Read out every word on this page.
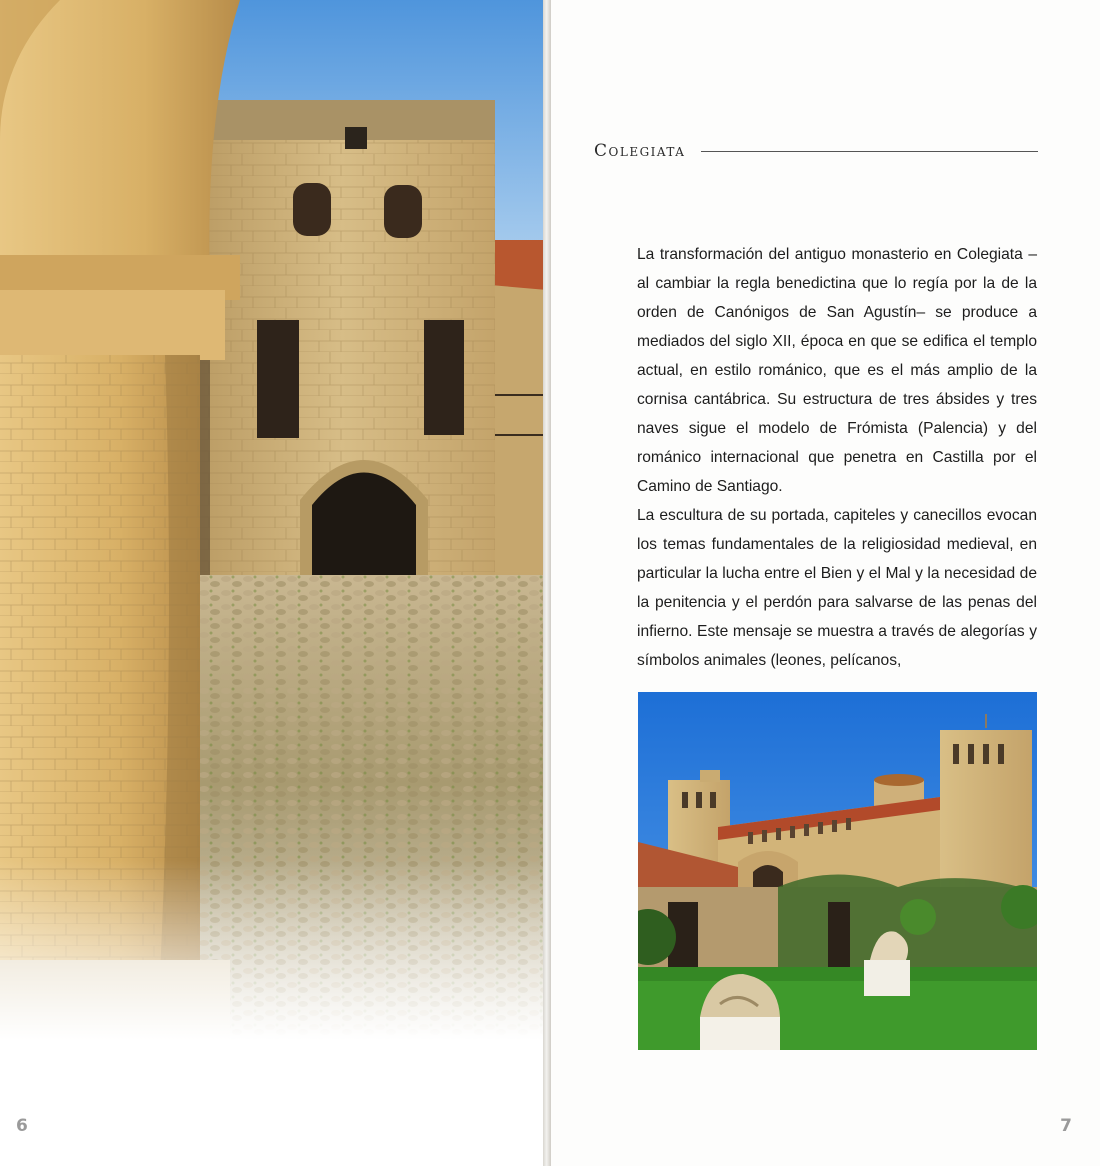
6
Colegiata

La transformación del antiguo monasterio en Colegiata –al cambiar la regla benedictina que lo regía por la de la orden de Canónigos de San Agustín– se produce a mediados del siglo XII, época en que se edifica el templo actual, en estilo románico, que es el más amplio de la cornisa cantábrica. Su estructura de tres ábsides y tres naves sigue el modelo de Frómista (Palencia) y del románico internacional que penetra en Castilla por el Camino de Santiago.

La escultura de su portada, capiteles y canecillos evocan los temas fundamentales de la religiosidad medieval, en particular la lucha entre el Bien y el Mal y la necesidad de la penitencia y el perdón para salvarse de las penas del infierno. Este mensaje se muestra a través de alegorías y símbolos animales (leones, pelícanos,

7
